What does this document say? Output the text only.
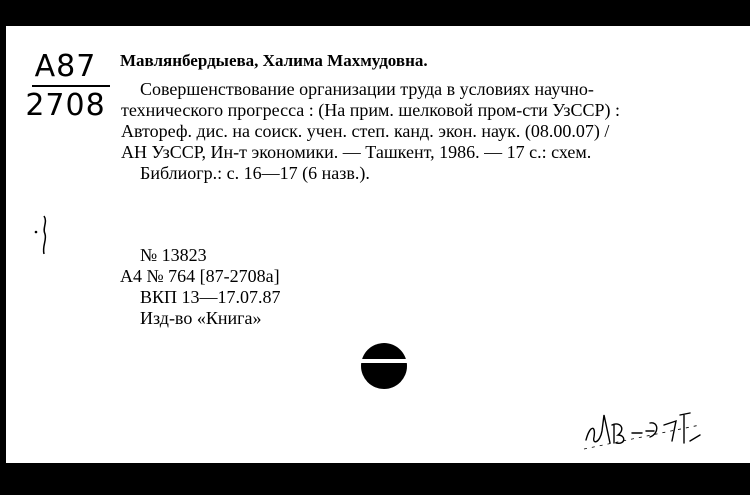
А87
2708
Мавлянбердыева, Халима Махмудовна.
Совершенствование организации труда в условиях научно-
технического прогресса : (На прим. шелковой пром-сти УзССР) :
Автореф. дис. на соиск. учен. степ. канд. экон. наук. (08.00.07) /
АН УзССР, Ин-т экономики. — Ташкент, 1986. — 17 с.: схем.
Библиогр.: с. 16—17 (6 назв.).
№ 13823
А4 № 764 [87-2708а]
ВКП 13—17.07.87
Изд-во «Книга»
